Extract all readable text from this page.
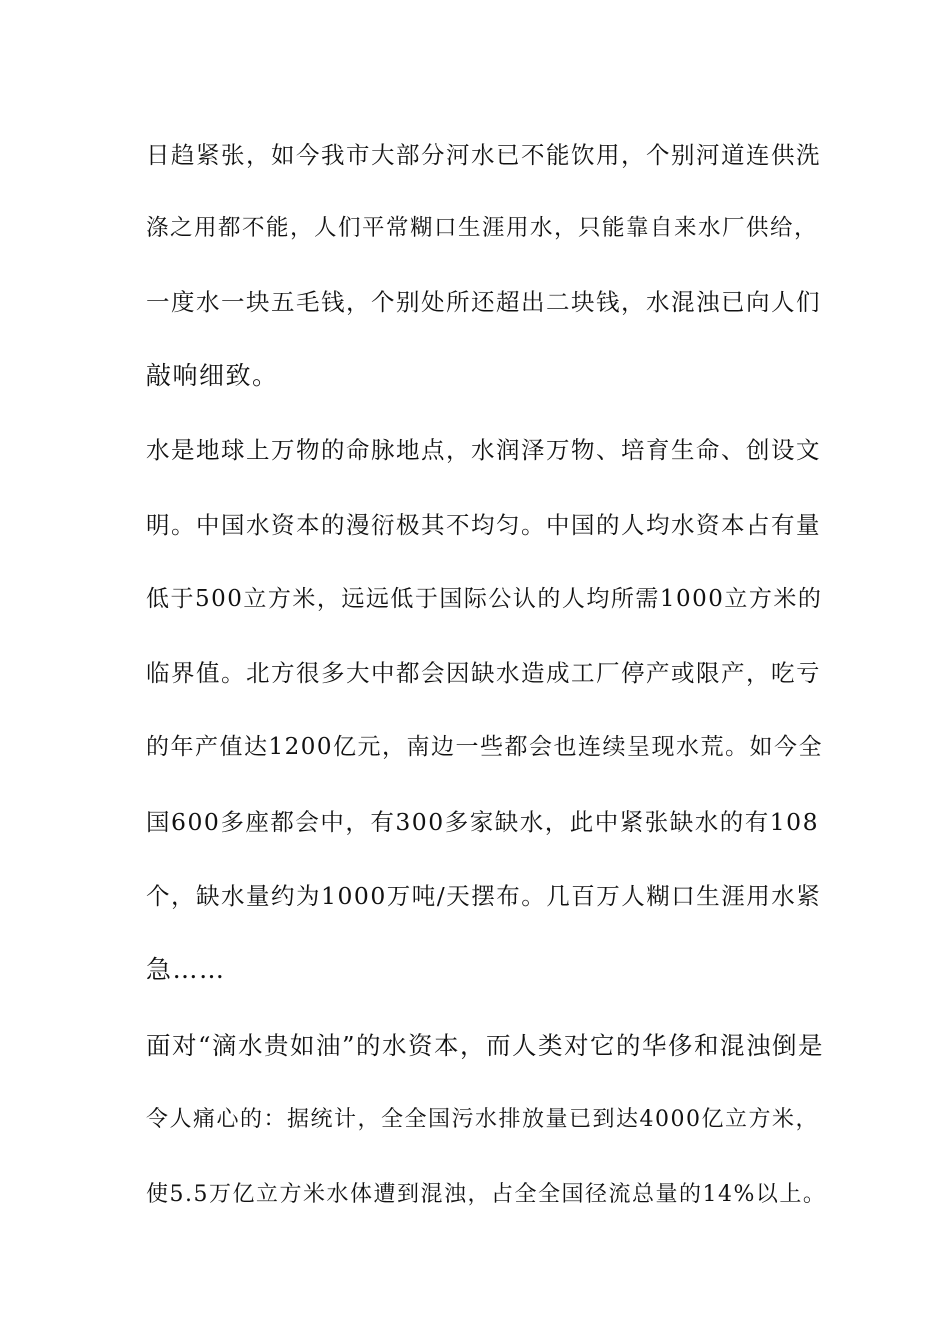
日趋紧张，如今我市大部分河水已不能饮用，个别河道连供洗
涤之用都不能，人们平常糊口生涯用水，只能靠自来水厂供给，
一度水一块五毛钱，个别处所还超出二块钱，水混浊已向人们
敲响细致。
水是地球上万物的命脉地点，水润泽万物、培育生命、创设文
明。中国水资本的漫衍极其不均匀。中国的人均水资本占有量
低于500立方米，远远低于国际公认的人均所需1000立方米的
临界值。北方很多大中都会因缺水造成工厂停产或限产，吃亏
的年产值达1200亿元，南边一些都会也连续呈现水荒。如今全
国600多座都会中，有300多家缺水，此中紧张缺水的有108
个，缺水量约为1000万吨/天摆布。几百万人糊口生涯用水紧
急……
面对“滴水贵如油”的水资本，而人类对它的华侈和混浊倒是
令人痛心的：据统计，全全国污水排放量已到达4000亿立方米，
使5.5万亿立方米水体遭到混浊，占全全国径流总量的14%以上。
